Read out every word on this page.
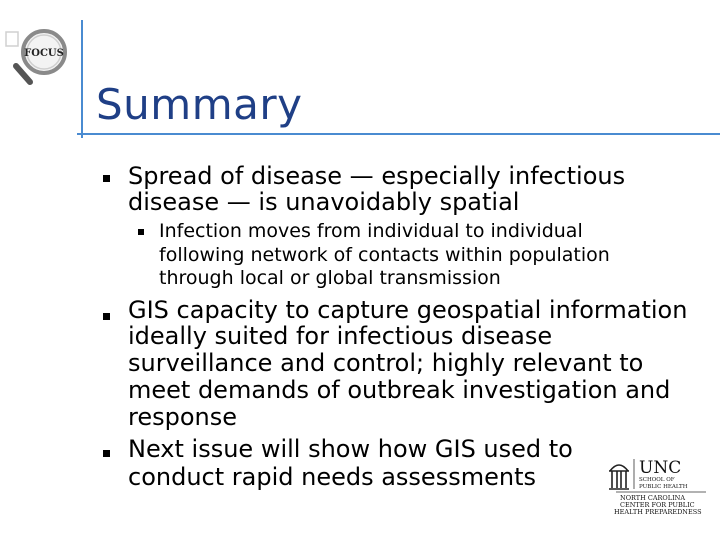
FOCUS
Summary
Spread of disease — especially infectious
disease — is unavoidably spatial
Infection moves from individual to individual
following network of contacts within population
through local or global transmission
GIS capacity to capture geospatial information
ideally suited for infectious disease
surveillance and control; highly relevant to
meet demands of outbreak investigation and
response
Next issue will show how GIS used to
conduct rapid needs assessments	UNC
SCHOOL OF
PUBLIC HEALTH
NORTH CAROLINA
CENTER FOR PUBLIC
HEALTH PREPAREDNESS
